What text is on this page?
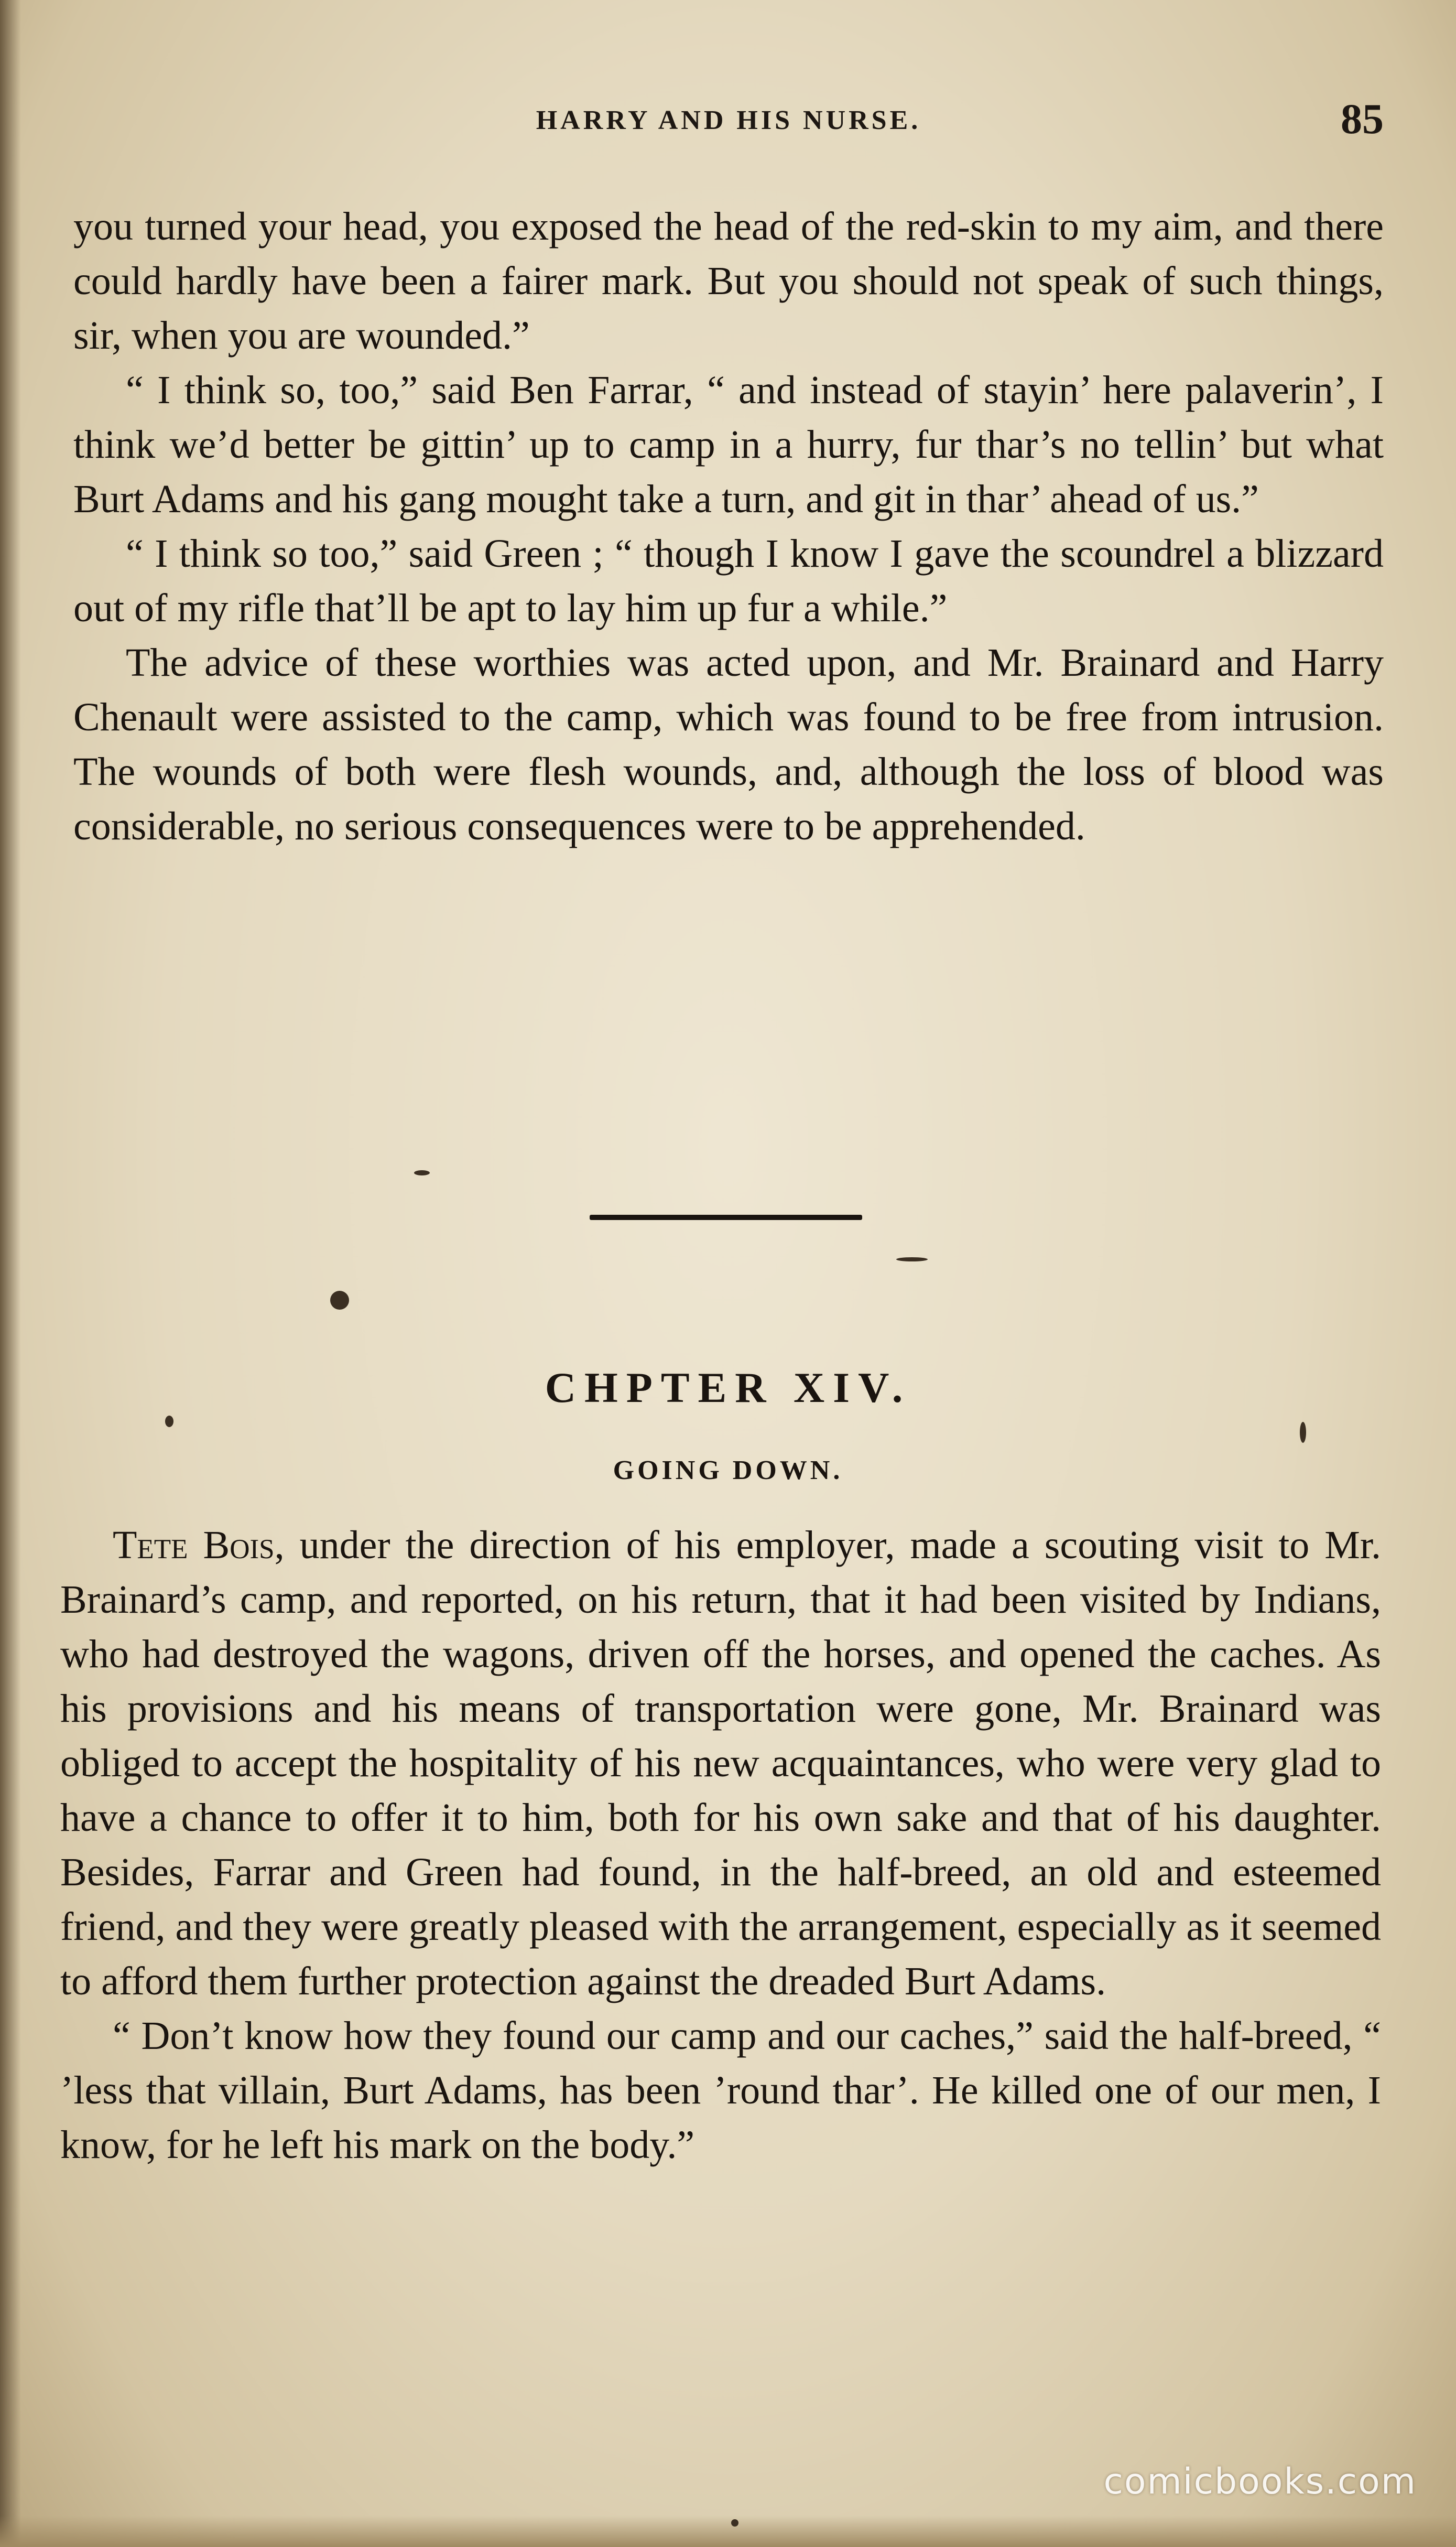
HARRY AND HIS NURSE.	85

you turned your head, you exposed the head of the red-skin to my aim, and there could hardly have been a fairer mark. But you should not speak of such things, sir, when you are wounded.”

“ I think so, too,” said Ben Farrar, “ and instead of stayin’ here palaverin’, I think we’d better be gittin’ up to camp in a hurry, fur thar’s no tellin’ but what Burt Adams and his gang mought take a turn, and git in thar’ ahead of us.”

“ I think so too,” said Green ; “ though I know I gave the scoundrel a blizzard out of my rifle that’ll be apt to lay him up fur a while.”

The advice of these worthies was acted upon, and Mr. Brainard and Harry Chenault were assisted to the camp, which was found to be free from intrusion. The wounds of both were flesh wounds, and, although the loss of blood was considerable, no serious consequences were to be apprehended.

CHPTER XIV.
GOING DOWN.

Tete Bois, under the direction of his employer, made a scouting visit to Mr. Brainard’s camp, and reported, on his return, that it had been visited by Indians, who had destroyed the wagons, driven off the horses, and opened the caches. As his provisions and his means of transportation were gone, Mr. Brainard was obliged to accept the hospitality of his new acquaintances, who were very glad to have a chance to offer it to him, both for his own sake and that of his daughter. Besides, Farrar and Green had found, in the half-breed, an old and esteemed friend, and they were greatly pleased with the arrangement, especially as it seemed to afford them further protection against the dreaded Burt Adams.

“ Don’t know how they found our camp and our caches,” said the half-breed, “ ’less that villain, Burt Adams, has been ’round thar’. He killed one of our men, I know, for he left his mark on the body.”

comicbooks.com
